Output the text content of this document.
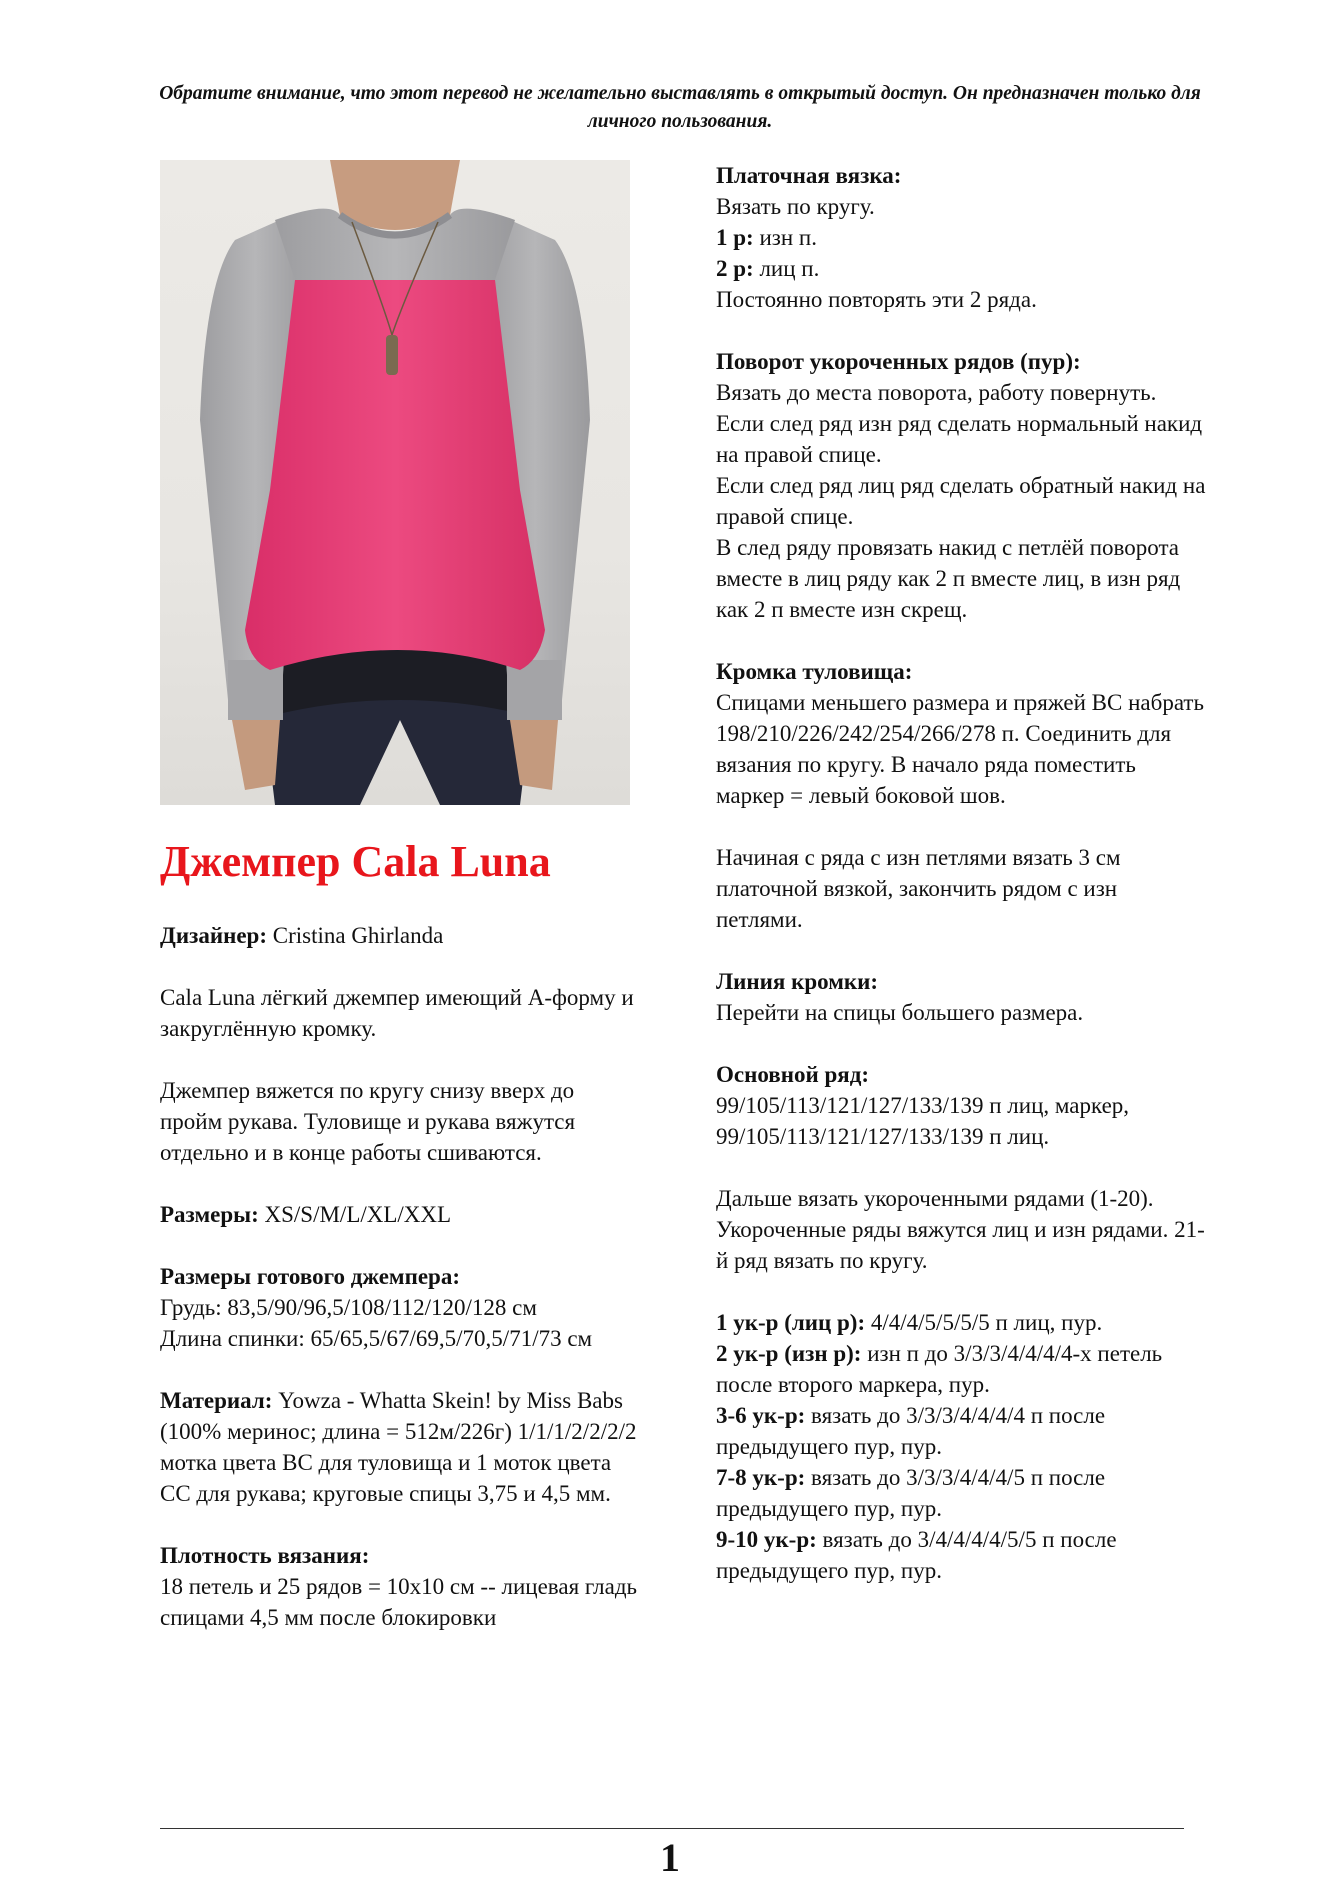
Обратите внимание, что этот перевод не желательно выставлять в открытый доступ. Он предназначен только для личного пользования.
Джемпер Cala Luna

Дизайнер: Cristina Ghirlanda

Cala Luna лёгкий джемпер имеющий А-форму и закруглённую кромку.

Джемпер вяжется по кругу снизу вверх до пройм рукава. Туловище и рукава вяжутся отдельно и в конце работы сшиваются.

Размеры: XS/S/M/L/XL/XXL

Размеры готового джемпера:
Грудь: 83,5/90/96,5/108/112/120/128 см
Длина спинки: 65/65,5/67/69,5/70,5/71/73 см

Материал: Yowza - Whatta Skein! by Miss Babs (100% меринос; длина = 512м/226г) 1/1/1/2/2/2/2 мотка цвета ВС для туловища и 1 моток цвета СС для рукава; круговые спицы 3,75 и 4,5 мм.

Плотность вязания:
18 петель и 25 рядов = 10х10 см -- лицевая гладь спицами 4,5 мм после блокировки

Платочная вязка:
Вязать по кругу.
1 р: изн п.
2 р: лиц п.
Постоянно повторять эти 2 ряда.

Поворот укороченных рядов (пур):
Вязать до места поворота, работу повернуть.
Если след ряд изн ряд сделать нормальный накид на правой спице.
Если след ряд лиц ряд сделать обратный накид на правой спице.
В след ряду провязать накид с петлёй поворота вместе в лиц ряду как 2 п вместе лиц, в изн ряд как 2 п вместе изн скрещ.

Кромка туловища:
Спицами меньшего размера и пряжей ВС набрать 198/210/226/242/254/266/278 п. Соединить для вязания по кругу. В начало ряда поместить маркер = левый боковой шов.

Начиная с ряда с изн петлями вязать 3 см платочной вязкой, закончить рядом с изн петлями.

Линия кромки:
Перейти на спицы большего размера.

Основной ряд:
99/105/113/121/127/133/139 п лиц, маркер, 99/105/113/121/127/133/139 п лиц.

Дальше вязать укороченными рядами (1-20). Укороченные ряды вяжутся лиц и изн рядами. 21-й ряд вязать по кругу.

1 ук-р (лиц р): 4/4/4/5/5/5/5 п лиц, пур.
2 ук-р (изн р): изн п до 3/3/3/4/4/4/4-х петель после второго маркера, пур.
3-6 ук-р: вязать до 3/3/3/4/4/4/4 п после предыдущего пур, пур.
7-8 ук-р: вязать до 3/3/3/4/4/4/5 п после предыдущего пур, пур.
9-10 ук-р: вязать до 3/4/4/4/4/5/5 п после предыдущего пур, пур.

1
